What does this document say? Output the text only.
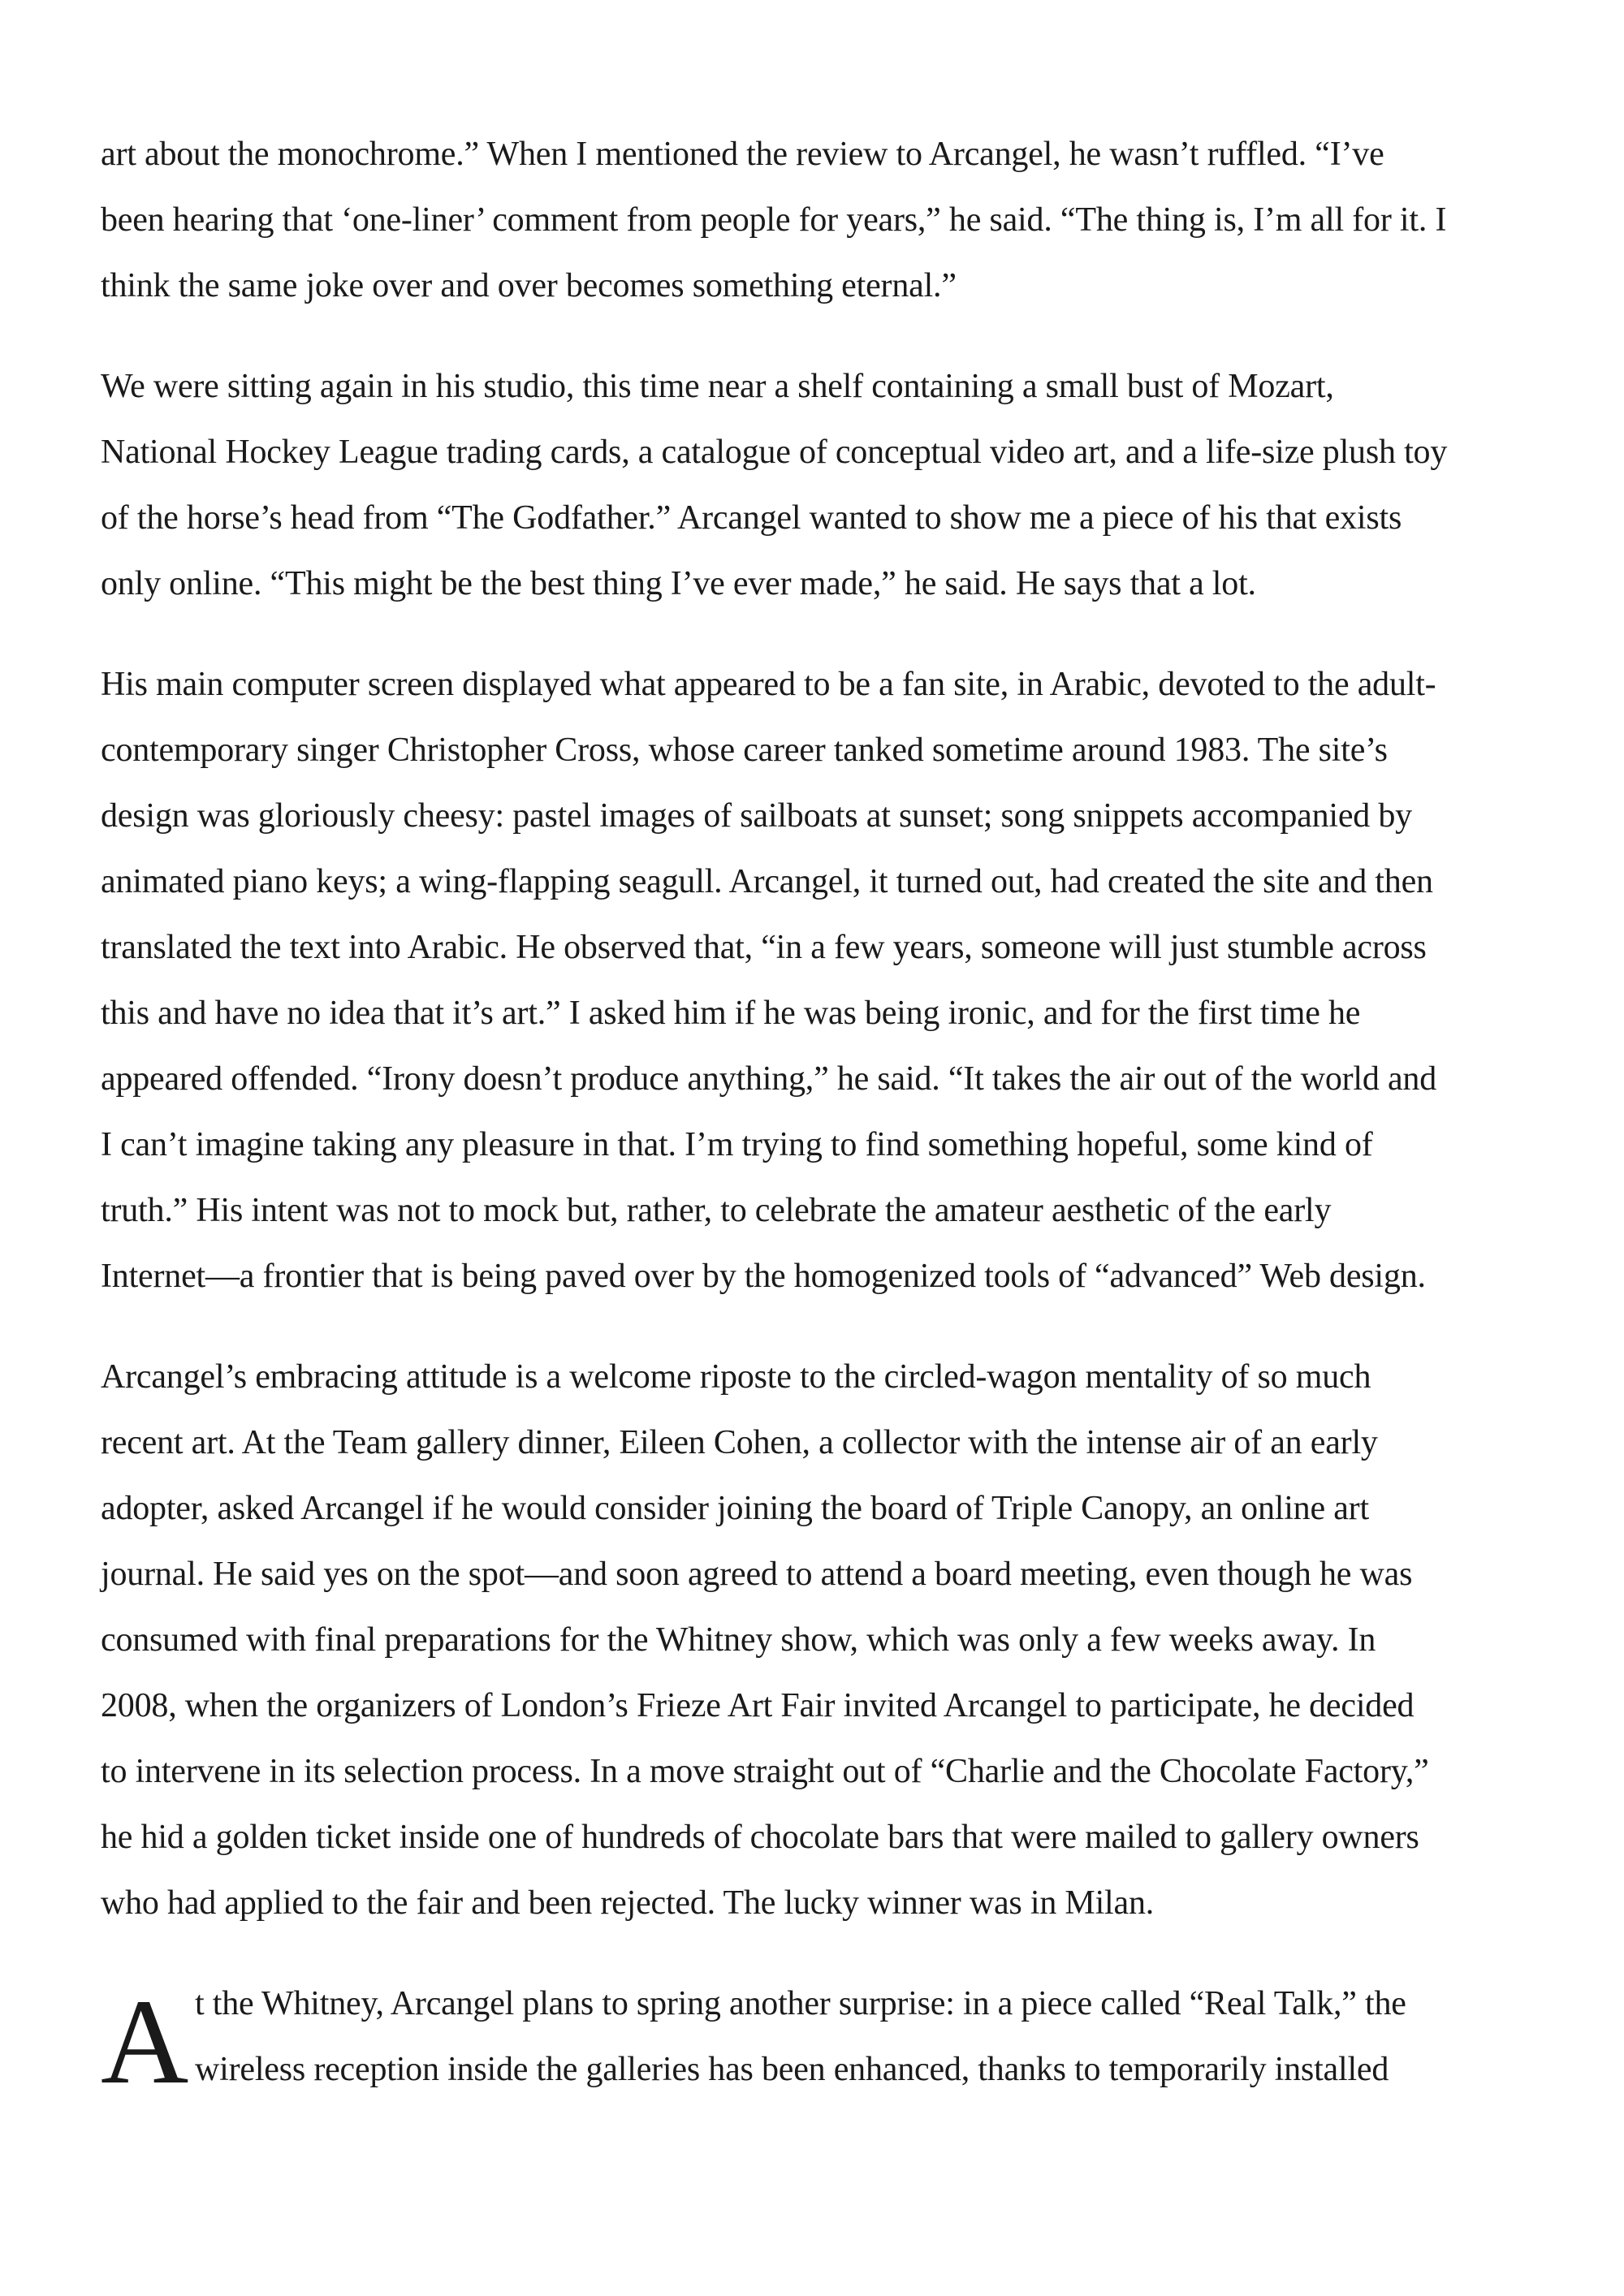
art about the monochrome.” When I mentioned the review to Arcangel, he wasn’t ruffled. “I’ve
been hearing that ‘one-liner’ comment from people for years,” he said. “The thing is, I’m all for it. I
think the same joke over and over becomes something eternal.”

We were sitting again in his studio, this time near a shelf containing a small bust of Mozart,
National Hockey League trading cards, a catalogue of conceptual video art, and a life-size plush toy
of the horse’s head from “The Godfather.” Arcangel wanted to show me a piece of his that exists
only online. “This might be the best thing I’ve ever made,” he said. He says that a lot.

His main computer screen displayed what appeared to be a fan site, in Arabic, devoted to the adult-
contemporary singer Christopher Cross, whose career tanked sometime around 1983. The site’s
design was gloriously cheesy: pastel images of sailboats at sunset; song snippets accompanied by
animated piano keys; a wing-flapping seagull. Arcangel, it turned out, had created the site and then
translated the text into Arabic. He observed that, “in a few years, someone will just stumble across
this and have no idea that it’s art.” I asked him if he was being ironic, and for the first time he
appeared offended. “Irony doesn’t produce anything,” he said. “It takes the air out of the world and
I can’t imagine taking any pleasure in that. I’m trying to find something hopeful, some kind of
truth.” His intent was not to mock but, rather, to celebrate the amateur aesthetic of the early
Internet—a frontier that is being paved over by the homogenized tools of “advanced” Web design.

Arcangel’s embracing attitude is a welcome riposte to the circled-wagon mentality of so much
recent art. At the Team gallery dinner, Eileen Cohen, a collector with the intense air of an early
adopter, asked Arcangel if he would consider joining the board of Triple Canopy, an online art
journal. He said yes on the spot—and soon agreed to attend a board meeting, even though he was
consumed with final preparations for the Whitney show, which was only a few weeks away. In
2008, when the organizers of London’s Frieze Art Fair invited Arcangel to participate, he decided
to intervene in its selection process. In a move straight out of “Charlie and the Chocolate Factory,”
he hid a golden ticket inside one of hundreds of chocolate bars that were mailed to gallery owners
who had applied to the fair and been rejected. The lucky winner was in Milan.

A t the Whitney, Arcangel plans to spring another surprise: in a piece called “Real Talk,” the
wireless reception inside the galleries has been enhanced, thanks to temporarily installed
